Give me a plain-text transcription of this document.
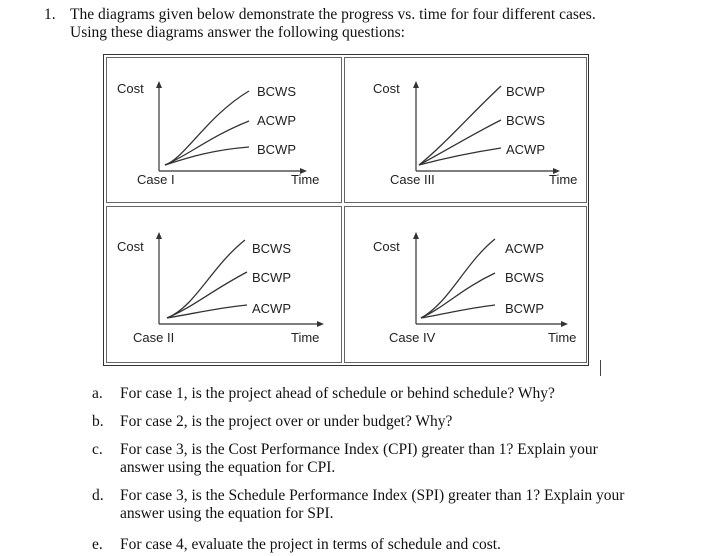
1. The diagrams given below demonstrate the progress vs. time for four different cases.
Using these diagrams answer the following questions:
Cost	BCWS
ACWP
BCWP
Case I	Time
Cost	BCWP
BCWS
ACWP
Case III	Time
Cost	BCWS
BCWP
ACWP
Case II	Time
Cost	ACWP
BCWS
BCWP
Case IV	Time
a. For case 1, is the project ahead of schedule or behind schedule? Why?
b. For case 2, is the project over or under budget? Why?
c. For case 3, is the Cost Performance Index (CPI) greater than 1? Explain your
answer using the equation for CPI.
d. For case 3, is the Schedule Performance Index (SPI) greater than 1? Explain your
answer using the equation for SPI.
e. For case 4, evaluate the project in terms of schedule and cost.
